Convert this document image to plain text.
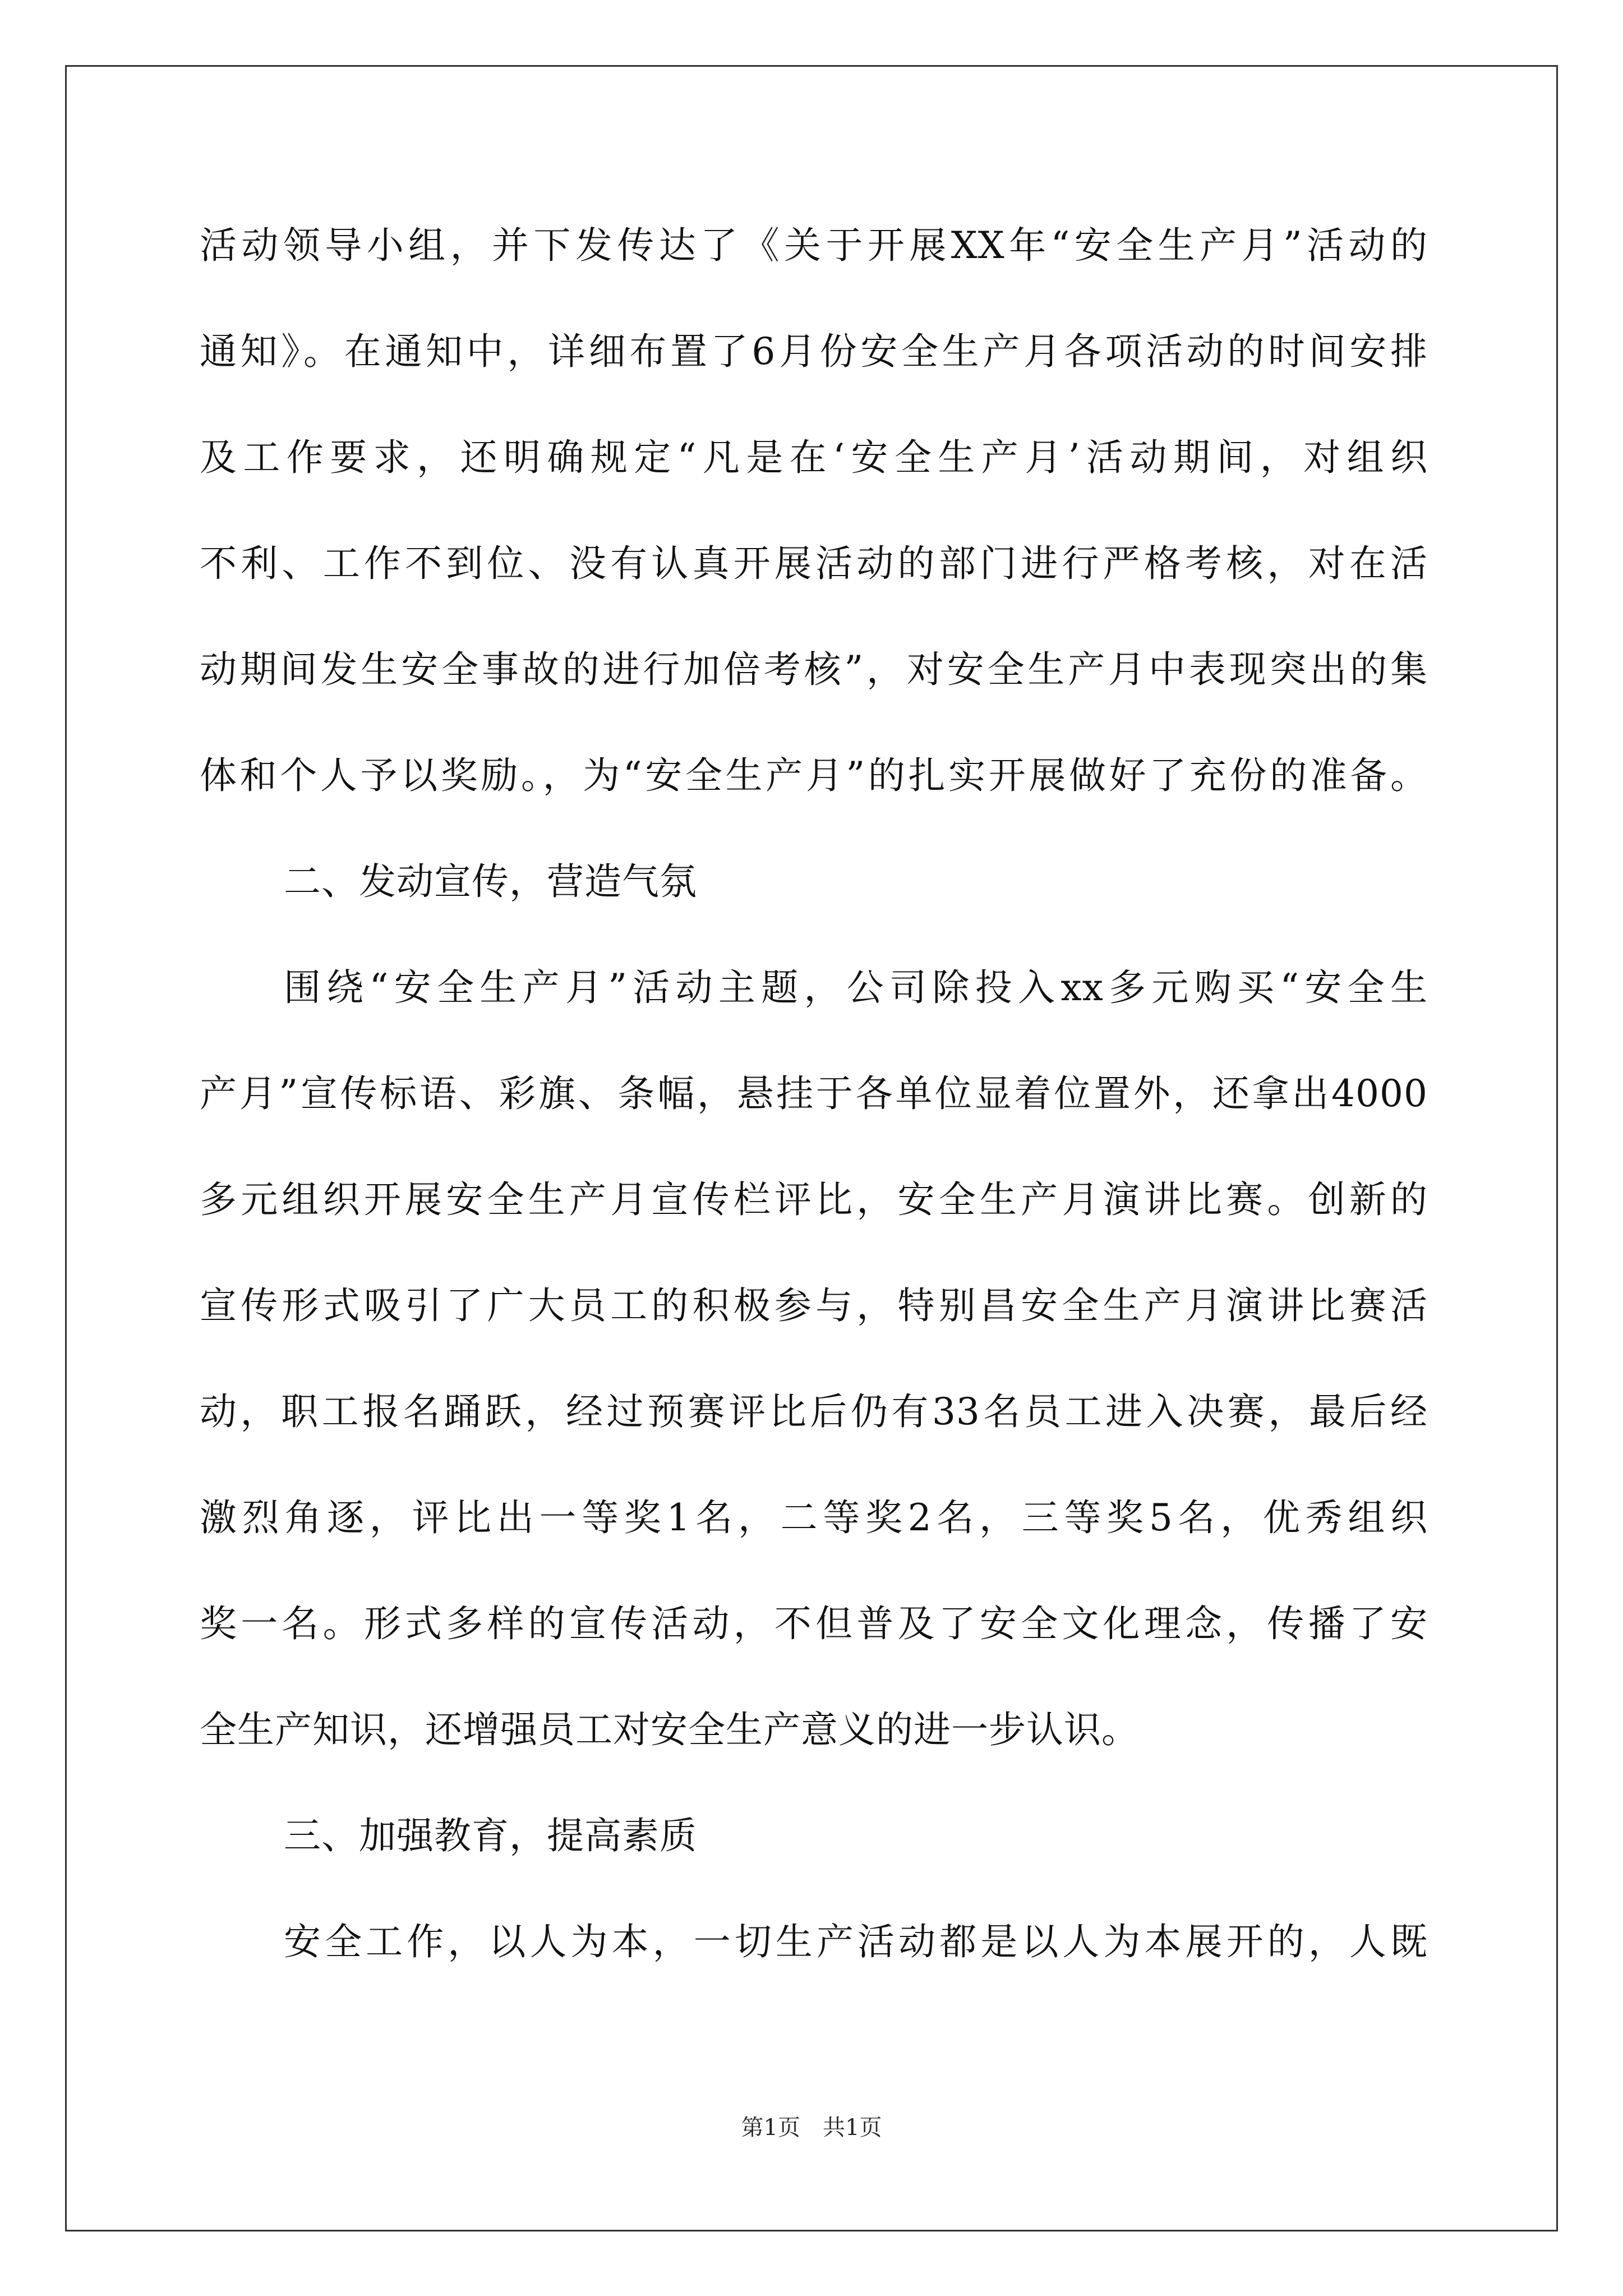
活动领导小组，并下发传达了《关于开展XX年“安全生产月”活动的
通知》。在通知中，详细布置了6月份安全生产月各项活动的时间安排
及工作要求，还明确规定“凡是在‘安全生产月’活动期间，对组织
不利、工作不到位、没有认真开展活动的部门进行严格考核，对在活
动期间发生安全事故的进行加倍考核”，对安全生产月中表现突出的集
体和个人予以奖励。，为“安全生产月”的扎实开展做好了充份的准备。
二、发动宣传，营造气氛
围绕“安全生产月”活动主题，公司除投入xx多元购买“安全生
产月”宣传标语、彩旗、条幅，悬挂于各单位显着位置外，还拿出4000
多元组织开展安全生产月宣传栏评比，安全生产月演讲比赛。创新的
宣传形式吸引了广大员工的积极参与，特别昌安全生产月演讲比赛活
动，职工报名踊跃，经过预赛评比后仍有33名员工进入决赛，最后经
激烈角逐，评比出一等奖1名，二等奖2名，三等奖5名，优秀组织
奖一名。形式多样的宣传活动，不但普及了安全文化理念，传播了安
全生产知识，还增强员工对安全生产意义的进一步认识。
三、加强教育，提高素质
安全工作，以人为本，一切生产活动都是以人为本展开的，人既
第1页　共1页
